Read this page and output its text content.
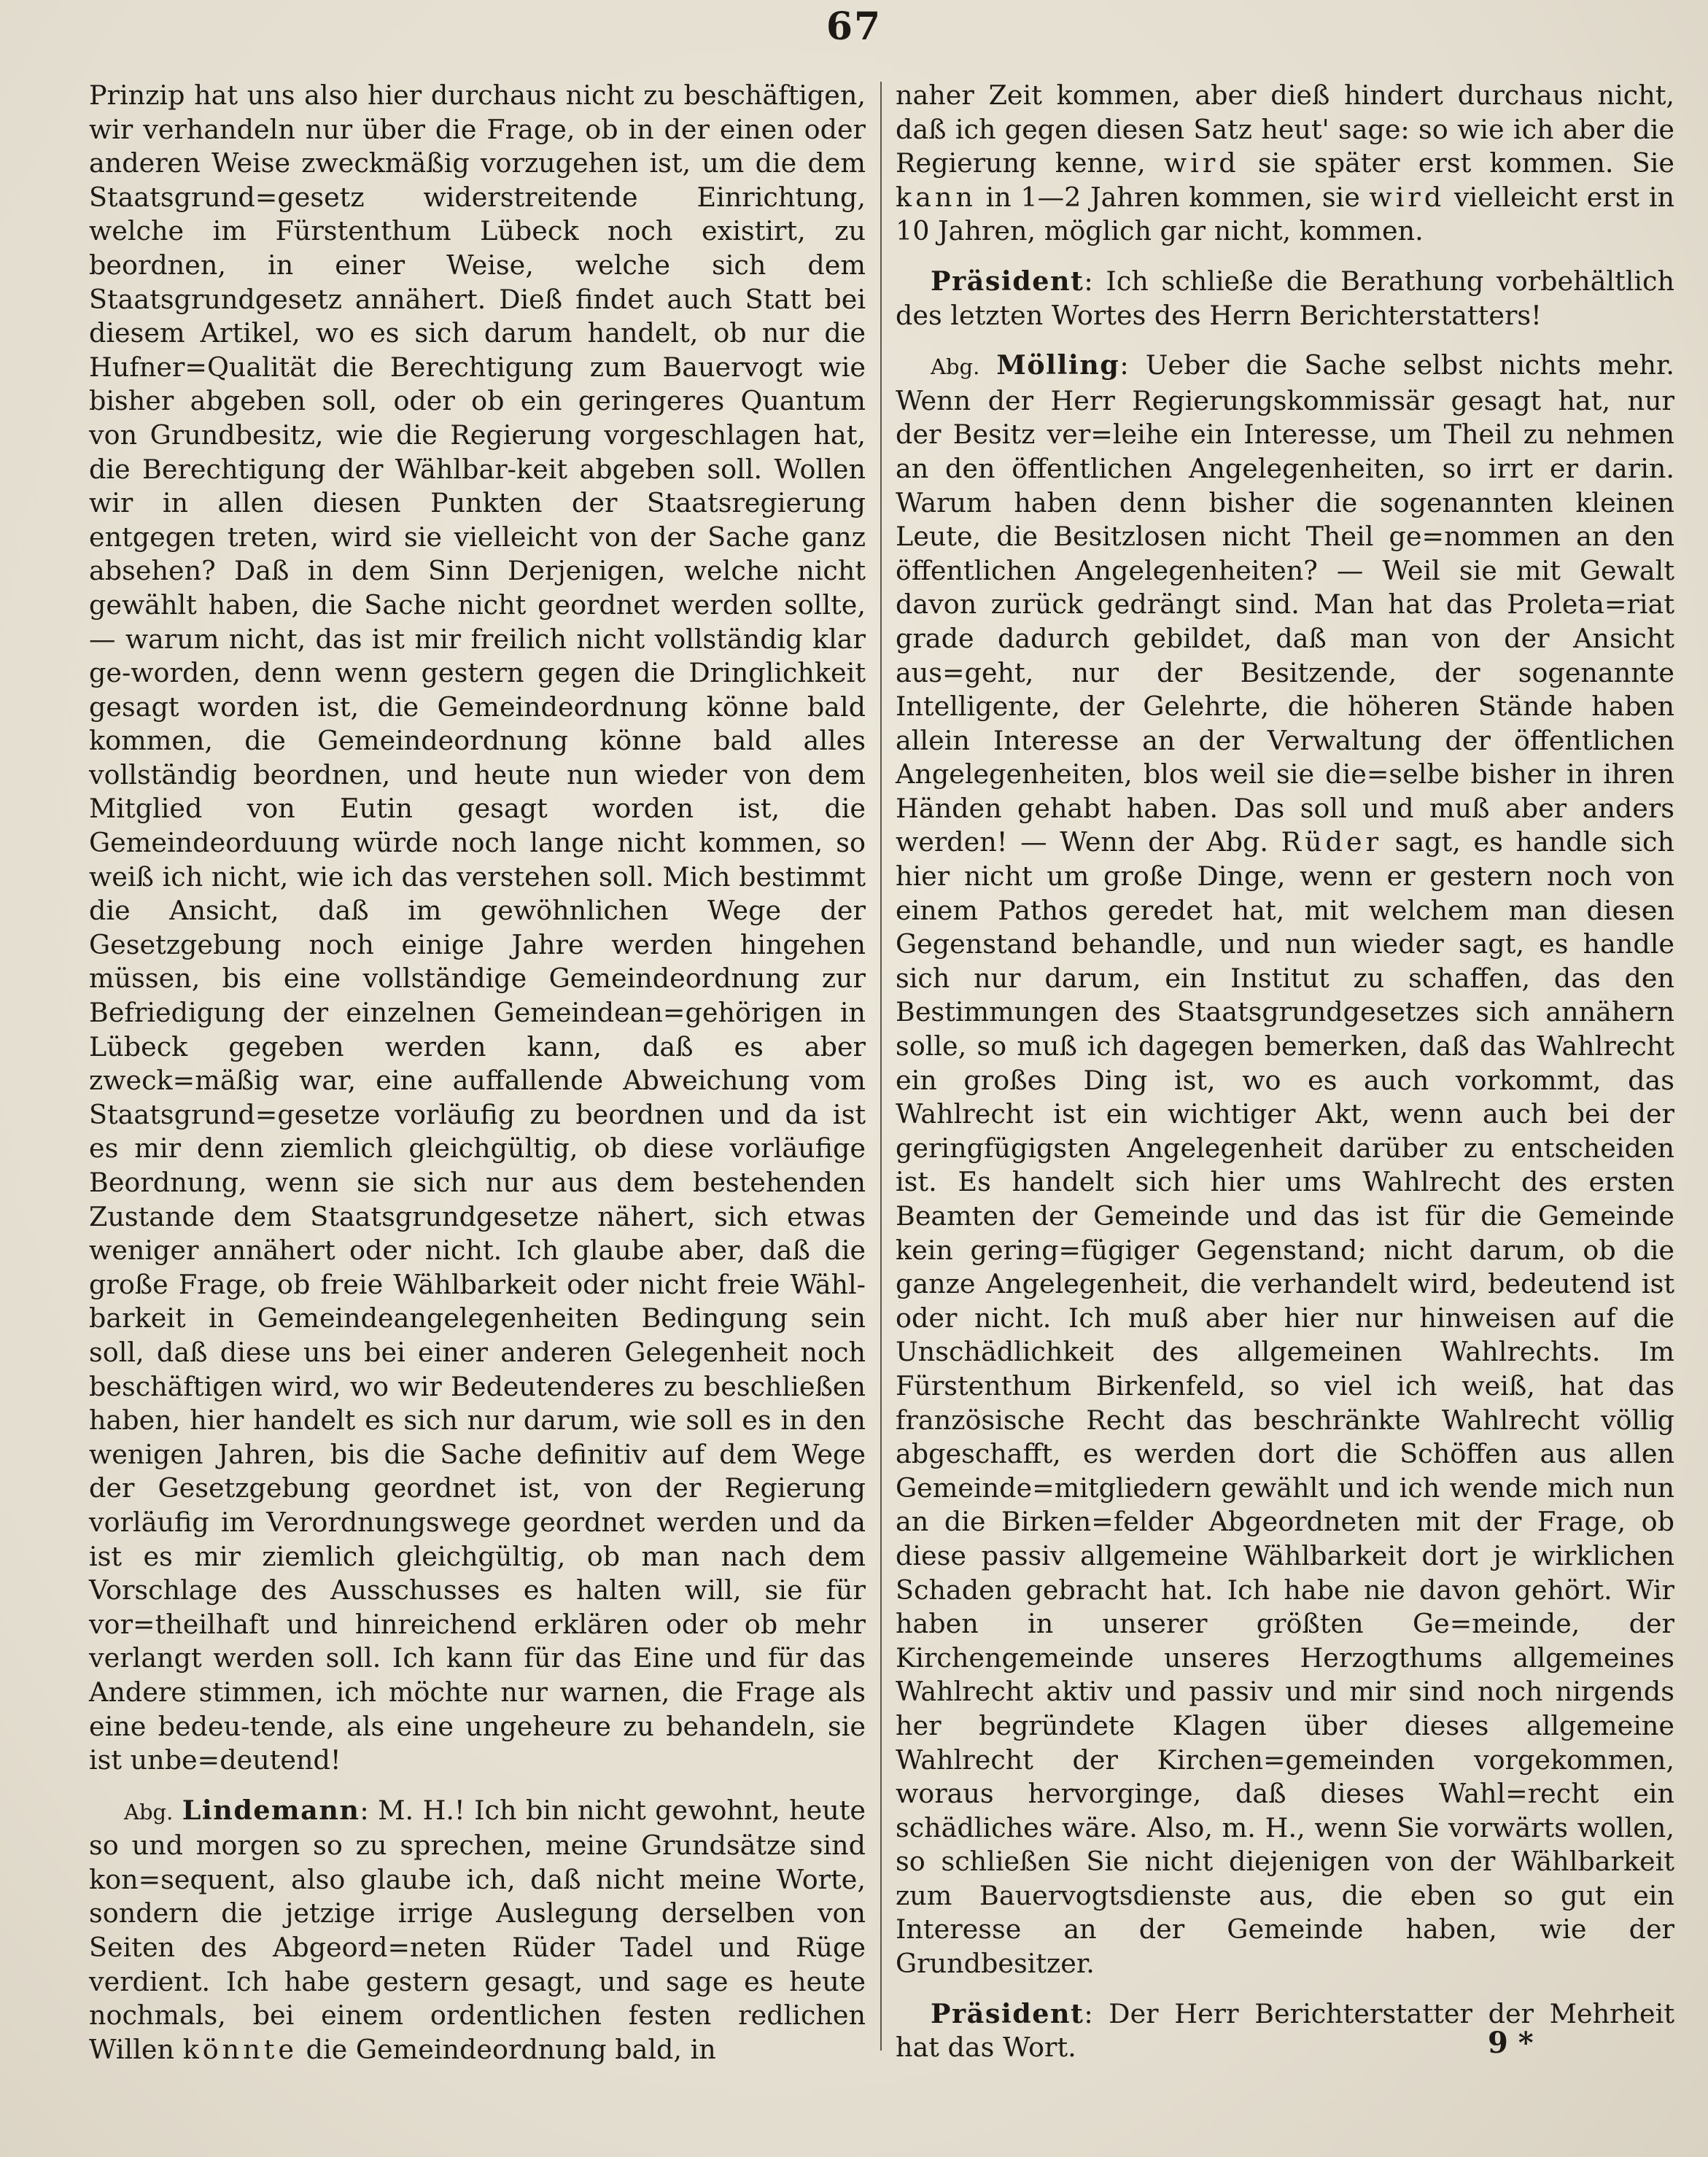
67

Prinzip hat uns also hier durchaus nicht zu beschäftigen, wir verhandeln nur über die Frage, ob in der einen oder anderen Weise zweckmäßig vorzugehen ist, um die dem Staatsgrund=gesetz widerstreitende Einrichtung, welche im Fürstenthum Lübeck noch existirt, zu beordnen, in einer Weise, welche sich dem Staatsgrundgesetz annähert. Dieß findet auch Statt bei diesem Artikel, wo es sich darum handelt, ob nur die Hufner=Qualität die Berechtigung zum Bauervogt wie bisher abgeben soll, oder ob ein geringeres Quantum von Grundbesitz, wie die Regierung vorgeschlagen hat, die Berechtigung der Wählbar-keit abgeben soll. Wollen wir in allen diesen Punkten der Staatsregierung entgegen treten, wird sie vielleicht von der Sache ganz absehen? Daß in dem Sinn Derjenigen, welche nicht gewählt haben, die Sache nicht geordnet werden sollte, — warum nicht, das ist mir freilich nicht vollständig klar ge-worden, denn wenn gestern gegen die Dringlichkeit gesagt worden ist, die Gemeindeordnung könne bald kommen, die Gemeindeordnung könne bald alles vollständig beordnen, und heute nun wieder von dem Mitglied von Eutin gesagt worden ist, die Gemeindeorduung würde noch lange nicht kommen, so weiß ich nicht, wie ich das verstehen soll. Mich bestimmt die Ansicht, daß im gewöhnlichen Wege der Gesetzgebung noch einige Jahre werden hingehen müssen, bis eine vollständige Gemeindeordnung zur Befriedigung der einzelnen Gemeindean=gehörigen in Lübeck gegeben werden kann, daß es aber zweck=mäßig war, eine auffallende Abweichung vom Staatsgrund=gesetze vorläufig zu beordnen und da ist es mir denn ziemlich gleichgültig, ob diese vorläufige Beordnung, wenn sie sich nur aus dem bestehenden Zustande dem Staatsgrundgesetze nähert, sich etwas weniger annähert oder nicht. Ich glaube aber, daß die große Frage, ob freie Wählbarkeit oder nicht freie Wähl-barkeit in Gemeindeangelegenheiten Bedingung sein soll, daß diese uns bei einer anderen Gelegenheit noch beschäftigen wird, wo wir Bedeutenderes zu beschließen haben, hier handelt es sich nur darum, wie soll es in den wenigen Jahren, bis die Sache definitiv auf dem Wege der Gesetzgebung geordnet ist, von der Regierung vorläufig im Verordnungswege geordnet werden und da ist es mir ziemlich gleichgültig, ob man nach dem Vorschlage des Ausschusses es halten will, sie für vor=theilhaft und hinreichend erklären oder ob mehr verlangt werden soll. Ich kann für das Eine und für das Andere stimmen, ich möchte nur warnen, die Frage als eine bedeu-tende, als eine ungeheure zu behandeln, sie ist unbe=deutend!

Abg. Lindemann: M. H.! Ich bin nicht gewohnt, heute so und morgen so zu sprechen, meine Grundsätze sind kon=sequent, also glaube ich, daß nicht meine Worte, sondern die jetzige irrige Auslegung derselben von Seiten des Abgeord=neten Rüder Tadel und Rüge verdient. Ich habe gestern gesagt, und sage es heute nochmals, bei einem ordentlichen festen redlichen Willen könnte die Gemeindeordnung bald, in

naher Zeit kommen, aber dieß hindert durchaus nicht, daß ich gegen diesen Satz heut' sage: so wie ich aber die Regierung kenne, wird sie später erst kommen. Sie kann in 1—2 Jahren kommen, sie wird vielleicht erst in 10 Jahren, möglich gar nicht, kommen.

Präsident: Ich schließe die Berathung vorbehältlich des letzten Wortes des Herrn Berichterstatters!

Abg. Mölling: Ueber die Sache selbst nichts mehr. Wenn der Herr Regierungskommissär gesagt hat, nur der Besitz ver=leihe ein Interesse, um Theil zu nehmen an den öffentlichen Angelegenheiten, so irrt er darin. Warum haben denn bisher die sogenannten kleinen Leute, die Besitzlosen nicht Theil ge=nommen an den öffentlichen Angelegenheiten? — Weil sie mit Gewalt davon zurück gedrängt sind. Man hat das Proleta=riat grade dadurch gebildet, daß man von der Ansicht aus=geht, nur der Besitzende, der sogenannte Intelligente, der Gelehrte, die höheren Stände haben allein Interesse an der Verwaltung der öffentlichen Angelegenheiten, blos weil sie die=selbe bisher in ihren Händen gehabt haben. Das soll und muß aber anders werden! — Wenn der Abg. Rüder sagt, es handle sich hier nicht um große Dinge, wenn er gestern noch von einem Pathos geredet hat, mit welchem man diesen Gegenstand behandle, und nun wieder sagt, es handle sich nur darum, ein Institut zu schaffen, das den Bestimmungen des Staatsgrundgesetzes sich annähern solle, so muß ich dagegen bemerken, daß das Wahlrecht ein großes Ding ist, wo es auch vorkommt, das Wahlrecht ist ein wichtiger Akt, wenn auch bei der geringfügigsten Angelegenheit darüber zu entscheiden ist. Es handelt sich hier ums Wahlrecht des ersten Beamten der Gemeinde und das ist für die Gemeinde kein gering=fügiger Gegenstand; nicht darum, ob die ganze Angelegenheit, die verhandelt wird, bedeutend ist oder nicht. Ich muß aber hier nur hinweisen auf die Unschädlichkeit des allgemeinen Wahlrechts. Im Fürstenthum Birkenfeld, so viel ich weiß, hat das französische Recht das beschränkte Wahlrecht völlig abgeschafft, es werden dort die Schöffen aus allen Gemeinde=mitgliedern gewählt und ich wende mich nun an die Birken=felder Abgeordneten mit der Frage, ob diese passiv allgemeine Wählbarkeit dort je wirklichen Schaden gebracht hat. Ich habe nie davon gehört. Wir haben in unserer größten Ge=meinde, der Kirchengemeinde unseres Herzogthums allgemeines Wahlrecht aktiv und passiv und mir sind noch nirgends her begründete Klagen über dieses allgemeine Wahlrecht der Kirchen=gemeinden vorgekommen, woraus hervorginge, daß dieses Wahl=recht ein schädliches wäre. Also, m. H., wenn Sie vorwärts wollen, so schließen Sie nicht diejenigen von der Wählbarkeit zum Bauervogtsdienste aus, die eben so gut ein Interesse an der Gemeinde haben, wie der Grundbesitzer.

Präsident: Der Herr Berichterstatter der Mehrheit hat das Wort.	9 *
